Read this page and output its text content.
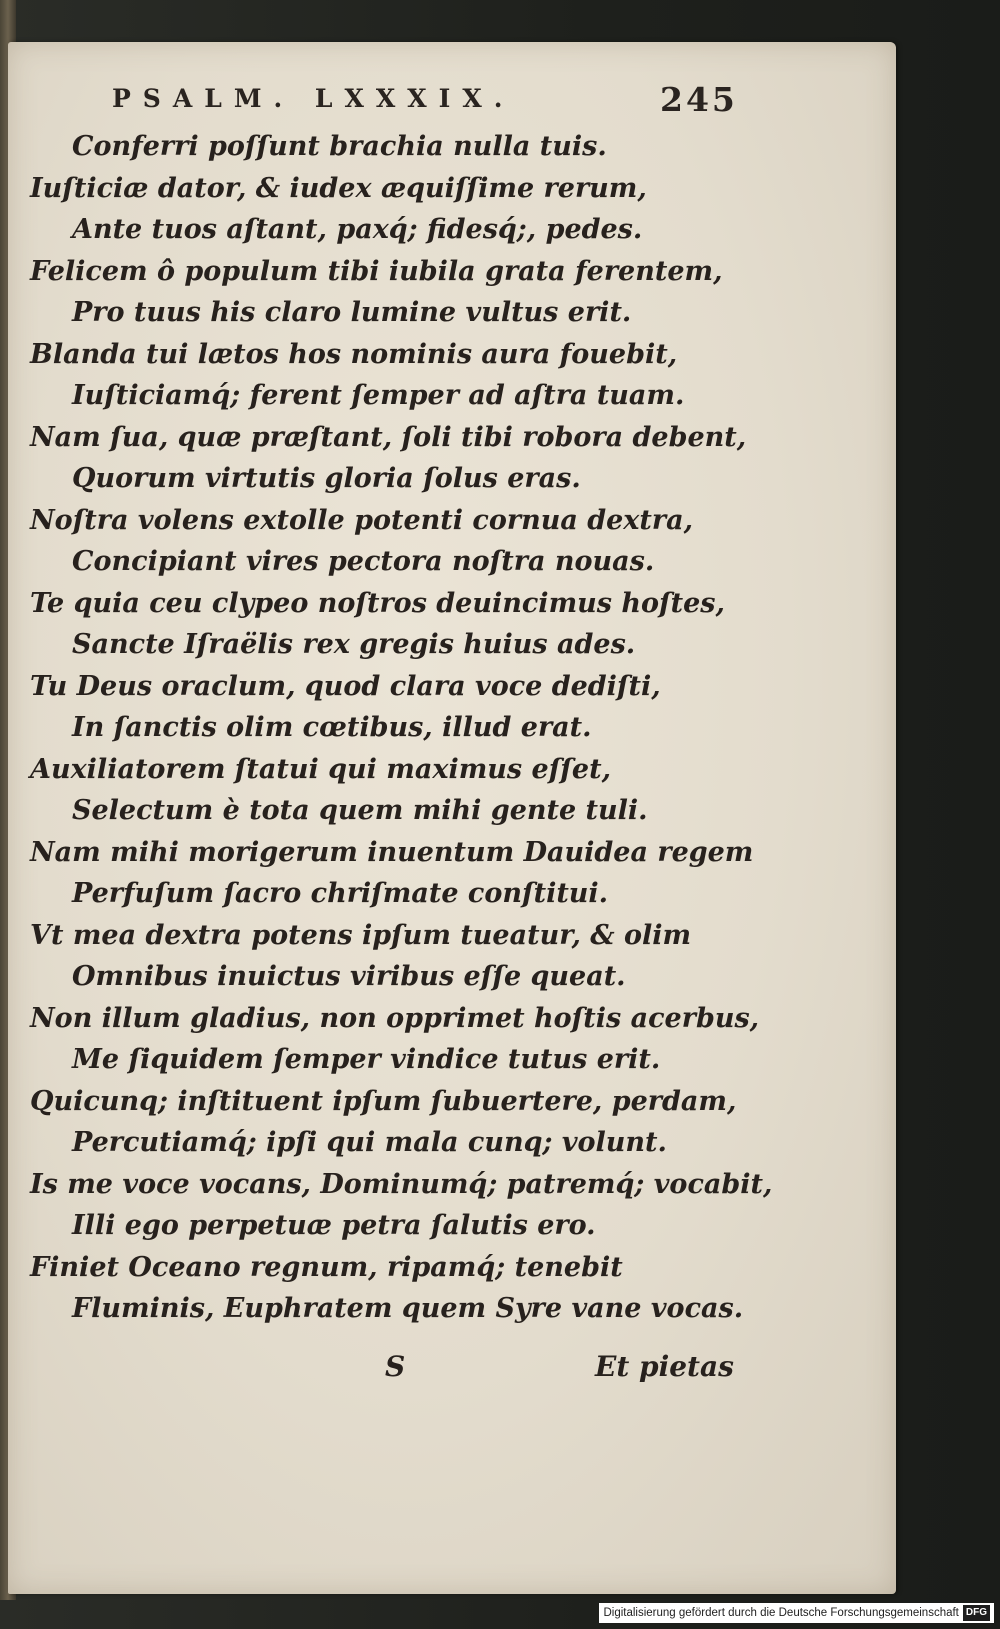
PSALM. LXXXIX.	245
Conferri poſſunt brachia nulla tuis.
Iuſticiæ dator, & iudex æquiſſime rerum,
Ante tuos aſtant, paxq́; fidesq́;, pedes.
Felicem ô populum tibi iubila grata ferentem,
Pro tuus his claro lumine vultus erit.
Blanda tui lætos hos nominis aura fouebit,
Iuſticiamq́; ferent ſemper ad aſtra tuam.
Nam ſua, quæ præſtant, ſoli tibi robora debent,
Quorum virtutis gloria ſolus eras.
Noſtra volens extolle potenti cornua dextra,
Concipiant vires pectora noſtra nouas.
Te quia ceu clypeo noſtros deuincimus hoſtes,
Sancte Iſraëlis rex gregis huius ades.
Tu Deus oraclum, quod clara voce dediſti,
In ſanctis olim cœtibus, illud erat.
Auxiliatorem ſtatui qui maximus eſſet,
Selectum è tota quem mihi gente tuli.
Nam mihi morigerum inuentum Dauidea regem
Perfuſum ſacro chriſmate conſtitui.
Vt mea dextra potens ipſum tueatur, & olim
Omnibus inuictus viribus eſſe queat.
Non illum gladius, non opprimet hoſtis acerbus,
Me ſiquidem ſemper vindice tutus erit.
Quicunq; inſtituent ipſum ſubuertere, perdam,
Percutiamq́; ipſi qui mala cunq; volunt.
Is me voce vocans, Dominumq́; patremq́; vocabit,
Illi ego perpetuæ petra ſalutis ero.
Finiet Oceano regnum, ripamq́; tenebit
Fluminis, Euphratem quem Syre vane vocas.
S	Et pietas
Digitalisierung gefördert durch die Deutsche Forschungsgemeinschaft DFG
